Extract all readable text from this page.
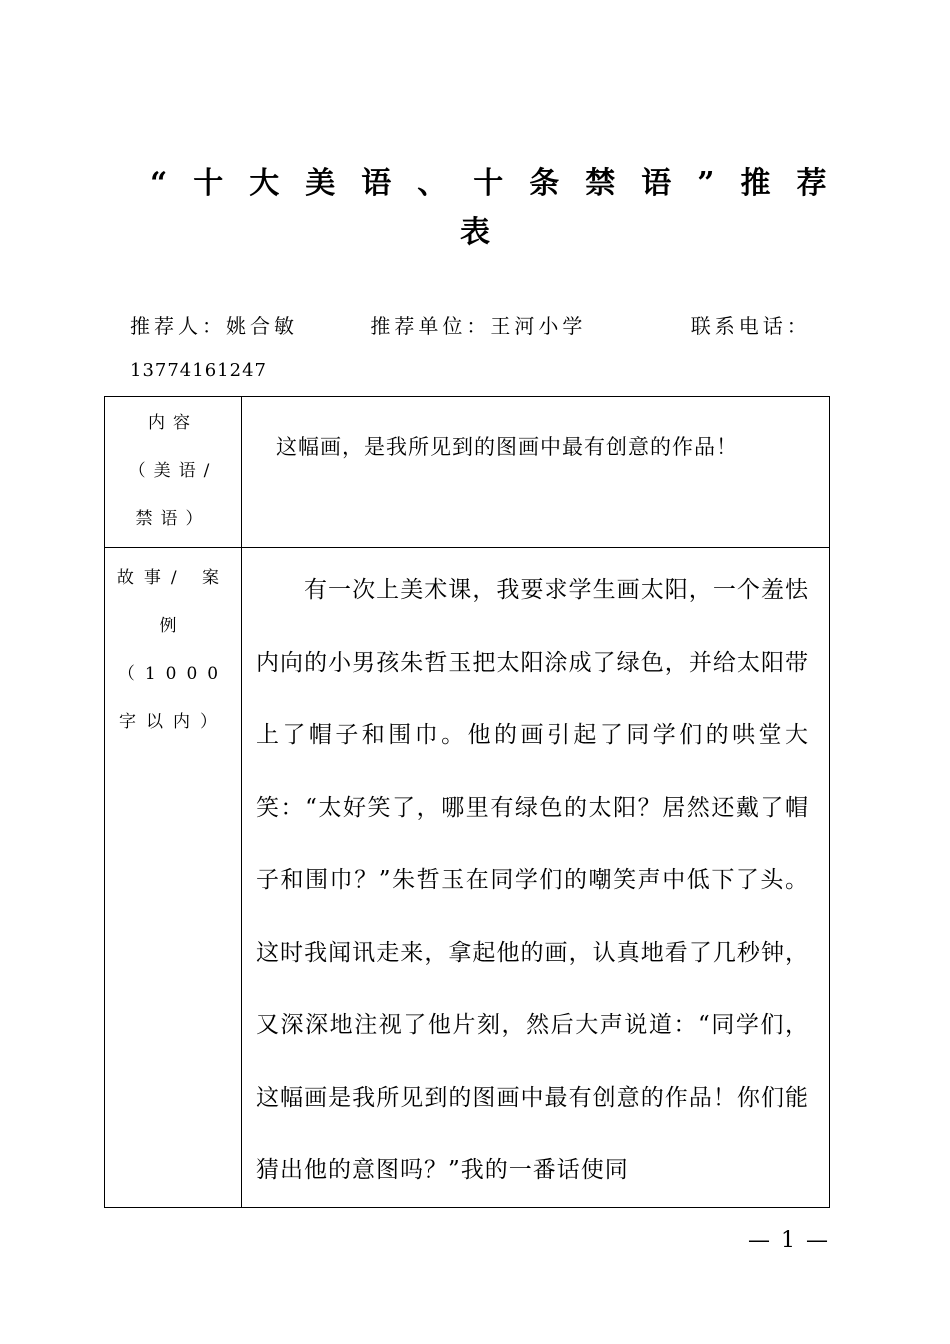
“十大美语、十条禁语”推荐
表
推荐人：姚合敏	推荐单位：王河小学	联系电话：
13774161247
内容
（美语/
禁语）	这幅画，是我所见到的图画中最有创意的作品！

故事/ 案
例（1000
字以内）	有一次上美术课，我要求学生画太阳，一个羞怯内向的小男孩朱哲玉把太阳涂成了绿色，并给太阳带上了帽子和围巾。他的画引起了同学们的哄堂大笑：“太好笑了，哪里有绿色的太阳？居然还戴了帽子和围巾？”朱哲玉在同学们的嘲笑声中低下了头。这时我闻讯走来，拿起他的画，认真地看了几秒钟，又深深地注视了他片刻，然后大声说道：“同学们，这幅画是我所见到的图画中最有创意的作品！你们能猜出他的意图吗？”我的一番话使同
— 1 —
